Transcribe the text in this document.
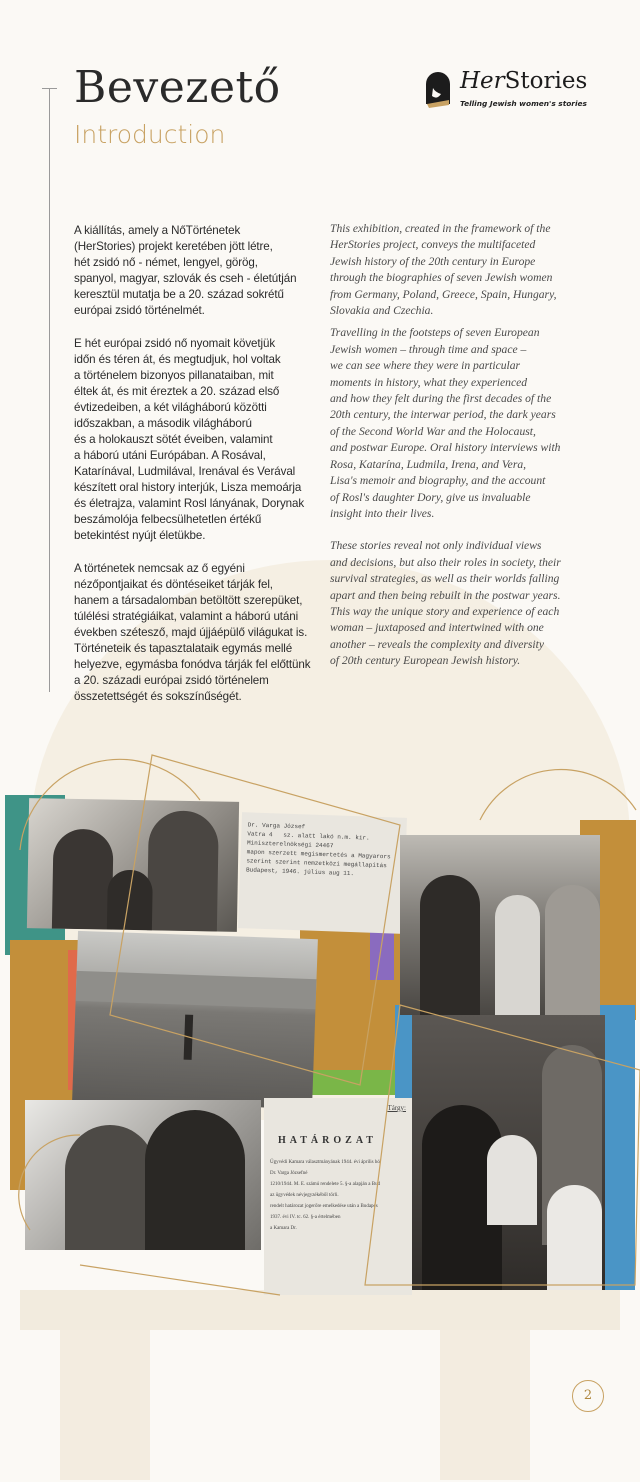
Bevezető
Introduction
HerStories
Telling Jewish women's stories
A kiállítás, amely a NőTörténetek
(HerStories) projekt keretében jött létre,
hét zsidó nő - német, lengyel, görög,
spanyol, magyar, szlovák és cseh - életútján
keresztül mutatja be a 20. század sokrétű
európai zsidó történelmét.
E hét európai zsidó nő nyomait követjük
időn és téren át, és megtudjuk, hol voltak
a történelem bizonyos pillanataiban, mit
éltek át, és mit éreztek a 20. század első
évtizedeiben, a két világháború közötti
időszakban, a második világháború
és a holokauszt sötét éveiben, valamint
a háború utáni Európában. A Rosával,
Katarínával, Ludmilával, Irenával és Verával
készített oral history interjúk, Lisza memoárja
és életrajza, valamint Rosl lányának, Dorynak
beszámolója felbecsülhetetlen értékű
betekintést nyújt életükbe.
A történetek nemcsak az ő egyéni
nézőpontjaikat és döntéseiket tárják fel,
hanem a társadalomban betöltött szerepüket,
túlélési stratégiáikat, valamint a háború utáni
években szétesző, majd újjáépülő világukat is.
Történeteik és tapasztalataik egymás mellé
helyezve, egymásba fonódva tárják fel előttünk
a 20. századi európai zsidó történelem
összetettségét és sokszínűségét.
This exhibition, created in the framework of the
HerStories project, conveys the multifaceted
Jewish history of the 20th century in Europe
through the biographies of seven Jewish women
from Germany, Poland, Greece, Spain, Hungary,
Slovakia and Czechia.
Travelling in the footsteps of seven European
Jewish women – through time and space –
we can see where they were in particular
moments in history, what they experienced
and how they felt during the first decades of the
20th century, the interwar period, the dark years
of the Second World War and the Holocaust,
and postwar Europe. Oral history interviews with
Rosa, Katarína, Ludmila, Irena, and Vera,
Lisa's memoir and biography, and the account
of Rosl's daughter Dory, give us invaluable
insight into their lives.
These stories reveal not only individual views
and decisions, but also their roles in society, their
survival strategies, as well as their worlds falling
apart and then being rebuilt in the postwar years.
This way the unique story and experience of each
woman – juxtaposed and intertwined with one
another – reveals the complexity and diversity
of 20th century European Jewish history.
Dr. Varga József
Vatra 4   sz. alatt lakó n.m. kir.
Miniszterelnökségi 24467
mapon szerzett megismertetés a Magyarors
szerint szerint nemzetközi megállapítás
Budapest, 1946. július aug 11.
Tárgy:
HATÁROZAT
Ügyvédi Kamara választmányának 1944. évi április hó
Dr. Varga Józsefné
1210/1944. M. E. számú rendelete 5. §-a alapján a Bud
az ügyvédek névjegyzékéből törli.
rendelt határozat jogerőre emelkedése után a Budapes
1937. évi IV. tc. 62. §-a értelmében
a Kamara Dr.
2
